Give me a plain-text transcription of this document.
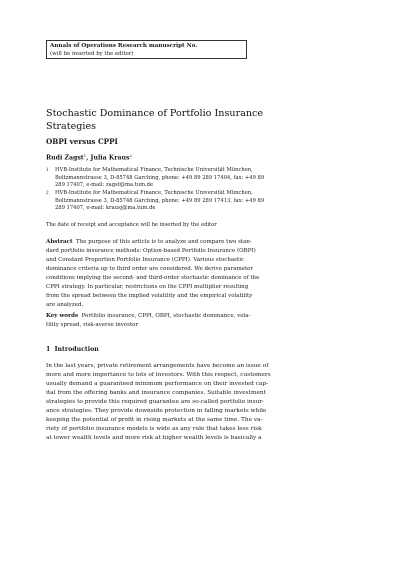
Annals of Operations Research manuscript No.
(will be inserted by the editor)
Stochastic Dominance of Portfolio Insurance
Strategies
OBPI versus CPPI
Rudi Zagst$^1$, Julia Kraus$^2$
1 HVB-Institute for Mathematical Finance, Technische Universität München,
Boltzmannstrasse 3, D-85748 Garching, phone: +49 89 289 17404, fax: +49 89
289 17407, e-mail: zagst@ma.tum.de
2 HVB-Institute for Mathematical Finance, Technische Universität München,
Boltzmannstrasse 3, D-85748 Garching, phone: +49 89 289 17413, fax: +49 89
289 17407, e-mail: krausj@ma.tum.de
The date of receipt and acceptance will be inserted by the editor
Abstract The purpose of this article is to analyze and compare two stan-
dard portfolio insurance methods: Option-based Portfolio Insurance (OBPI)
and Constant Proportion Portfolio Insurance (CPPI). Various stochastic
dominance criteria up to third order are considered. We derive parameter
conditions implying the second- and third-order stochastic dominance of the
CPPI strategy. In particular, restrictions on the CPPI multiplier resulting
from the spread between the implied volatility and the empirical volatility
are analyzed.
Key words Portfolio insurance, CPPI, OBPI, stochastic dominance, vola-
tility spread, risk-averse investor
1 Introduction
In the last years, private retirement arrangements have become an issue of
more and more importance to lots of investors. With this respect, customers
usually demand a guaranteed minimum performance on their invested cap-
ital from the offering banks and insurance companies. Suitable investment
strategies to provide this required guarantee are so-called portfolio insur-
ance strategies. They provide downside protection in falling markets while
keeping the potential of profit in rising markets at the same time. The va-
riety of portfolio insurance models is wide as any rule that takes less risk
at lower wealth levels and more risk at higher wealth levels is basically a
